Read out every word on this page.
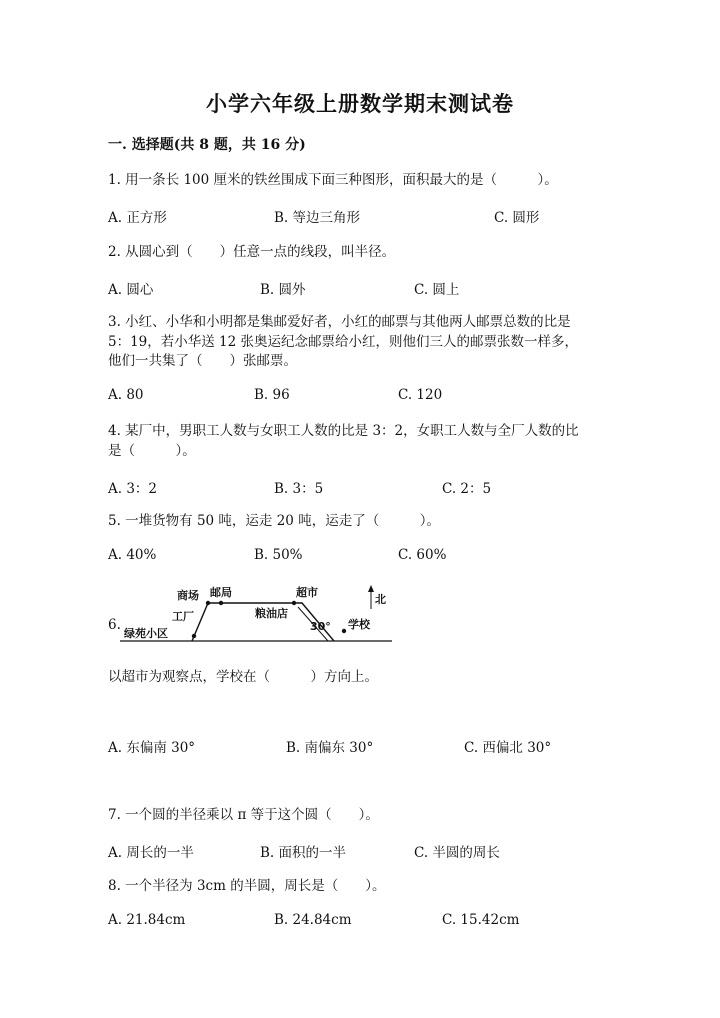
小学六年级上册数学期末测试卷
一. 选择题(共 8 题，共 16 分)
1. 用一条长 100 厘米的铁丝围成下面三种图形，面积最大的是（　　　）。
A. 正方形	B. 等边三角形	C. 圆形
2. 从圆心到（　　）任意一点的线段，叫半径。
A. 圆心	B. 圆外	C. 圆上
3. 小红、小华和小明都是集邮爱好者，小红的邮票与其他两人邮票总数的比是
5：19，若小华送 12 张奥运纪念邮票给小红，则他们三人的邮票张数一样多，
他们一共集了（　　）张邮票。
A. 80	B. 96	C. 120
4. 某厂中，男职工人数与女职工人数的比是 3：2，女职工人数与全厂人数的比
是（　　　）。
A. 3：2	B. 3：5	C. 2：5
5. 一堆货物有 50 吨，运走 20 吨，运走了（　　　）。
A. 40%	B. 50%	C. 60%
6.
商场 邮局
工厂
绿苑小区
粮油店
超市
学校
30°
北
以超市为观察点，学校在（　　　）方向上。
A. 东偏南 30°	B. 南偏东 30°	C. 西偏北 30°
7. 一个圆的半径乘以 π 等于这个圆（　　）。
A. 周长的一半	B. 面积的一半	C. 半圆的周长
8. 一个半径为 3cm 的半圆，周长是（　　）。
A. 21.84cm	B. 24.84cm	C. 15.42cm
